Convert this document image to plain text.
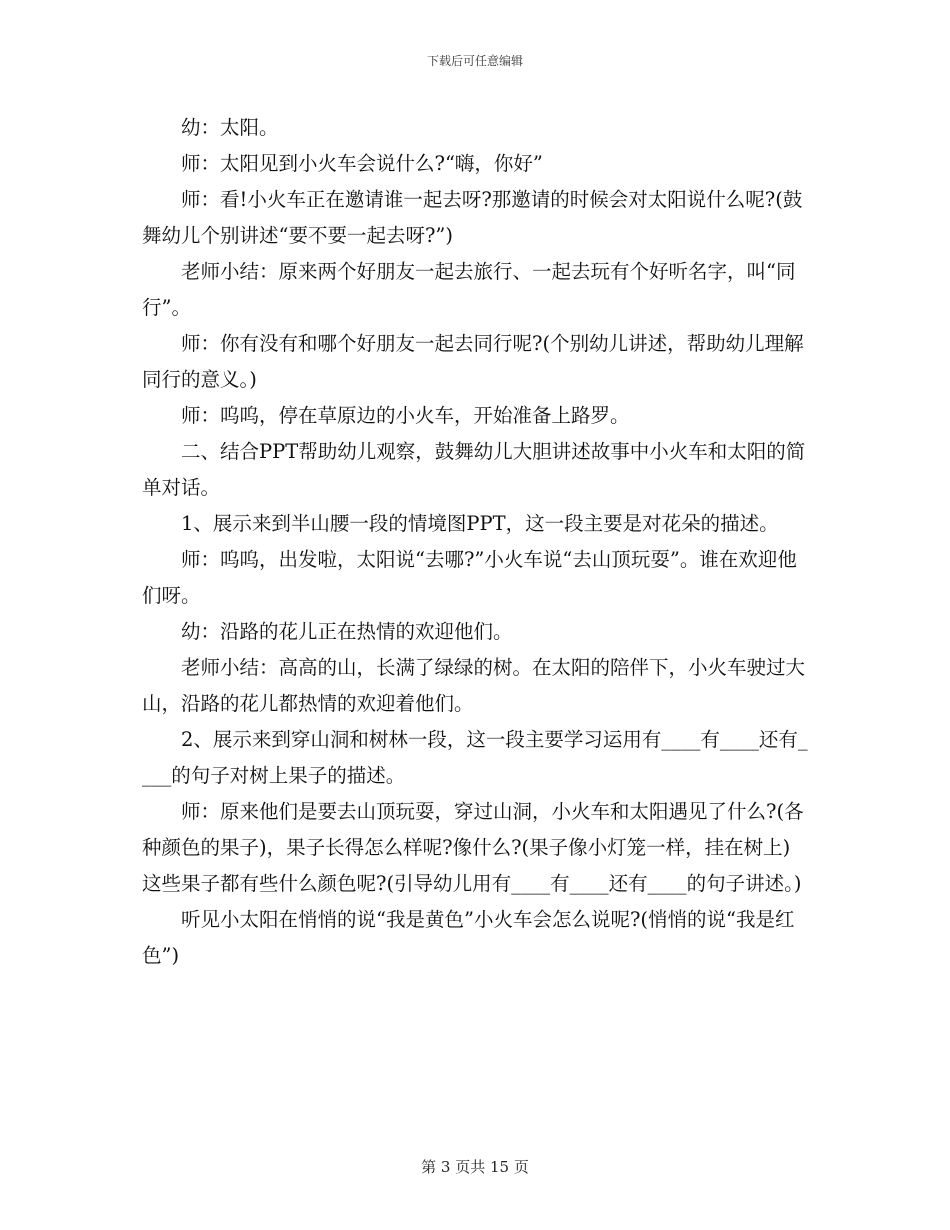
下载后可任意编辑

幼：太阳。

师：太阳见到小火车会说什么?“嗨，你好”

师：看!小火车正在邀请谁一起去呀?那邀请的时候会对太阳说什么呢?(鼓舞幼儿个别讲述“要不要一起去呀?”)

老师小结：原来两个好朋友一起去旅行、一起去玩有个好听名字，叫“同行”。

师：你有没有和哪个好朋友一起去同行呢?(个别幼儿讲述，帮助幼儿理解同行的意义。)

师：呜呜，停在草原边的小火车，开始准备上路罗。

二、结合PPT帮助幼儿观察，鼓舞幼儿大胆讲述故事中小火车和太阳的简单对话。

1、展示来到半山腰一段的情境图PPT，这一段主要是对花朵的描述。

师：呜呜，出发啦，太阳说“去哪?”小火车说“去山顶玩耍”。谁在欢迎他们呀。

幼：沿路的花儿正在热情的欢迎他们。

老师小结：高高的山，长满了绿绿的树。在太阳的陪伴下，小火车驶过大山，沿路的花儿都热情的欢迎着他们。

2、展示来到穿山洞和树林一段，这一段主要学习运用有____有____还有____的句子对树上果子的描述。

师：原来他们是要去山顶玩耍，穿过山洞，小火车和太阳遇见了什么?(各种颜色的果子)，果子长得怎么样呢?像什么?(果子像小灯笼一样，挂在树上)这些果子都有些什么颜色呢?(引导幼儿用有____有____还有____的句子讲述。)

听见小太阳在悄悄的说“我是黄色”小火车会怎么说呢?(悄悄的说“我是红色”)

第 3 页共 15 页
